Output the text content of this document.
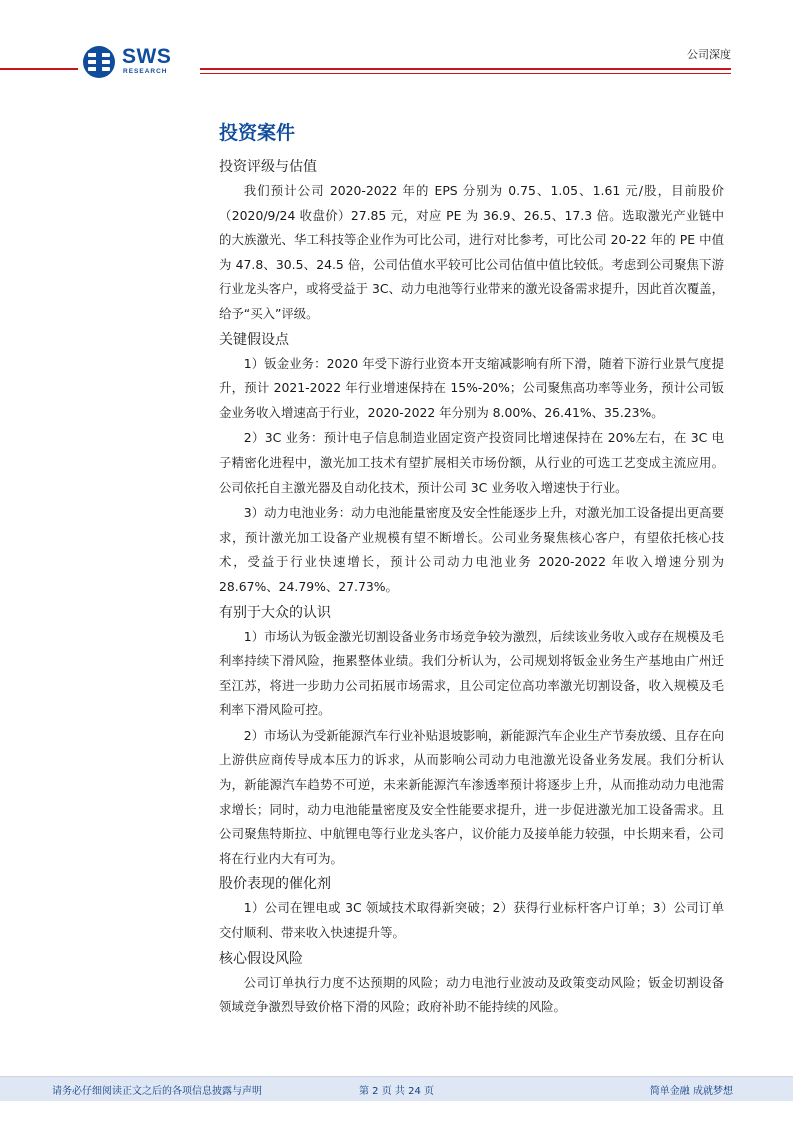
SWS
RESEARCH
公司深度
投资案件
投资评级与估值

我们预计公司 2020-2022 年的 EPS 分别为 0.75、1.05、1.61 元/股，目前股价（2020/9/24 收盘价）27.85 元，对应 PE 为 36.9、26.5、17.3 倍。选取激光产业链中的大族激光、华工科技等企业作为可比公司，进行对比参考，可比公司 20-22 年的 PE 中值为 47.8、30.5、24.5 倍，公司估值水平较可比公司估值中值比较低。考虑到公司聚焦下游行业龙头客户，或将受益于 3C、动力电池等行业带来的激光设备需求提升，因此首次覆盖，给予“买入”评级。

关键假设点

1）钣金业务：2020 年受下游行业资本开支缩减影响有所下滑，随着下游行业景气度提升，预计 2021-2022 年行业增速保持在 15%-20%；公司聚焦高功率等业务，预计公司钣金业务收入增速高于行业，2020-2022 年分别为 8.00%、26.41%、35.23%。

2）3C 业务：预计电子信息制造业固定资产投资同比增速保持在 20%左右，在 3C 电子精密化进程中，激光加工技术有望扩展相关市场份额，从行业的可选工艺变成主流应用。公司依托自主激光器及自动化技术，预计公司 3C 业务收入增速快于行业。

3）动力电池业务：动力电池能量密度及安全性能逐步上升，对激光加工设备提出更高要求，预计激光加工设备产业规模有望不断增长。公司业务聚焦核心客户，有望依托核心技术，受益于行业快速增长，预计公司动力电池业务 2020-2022 年收入增速分别为 28.67%、24.79%、27.73%。

有别于大众的认识

1）市场认为钣金激光切割设备业务市场竞争较为激烈，后续该业务收入或存在规模及毛利率持续下滑风险，拖累整体业绩。我们分析认为，公司规划将钣金业务生产基地由广州迁至江苏，将进一步助力公司拓展市场需求，且公司定位高功率激光切割设备，收入规模及毛利率下滑风险可控。

2）市场认为受新能源汽车行业补贴退坡影响，新能源汽车企业生产节奏放缓、且存在向上游供应商传导成本压力的诉求，从而影响公司动力电池激光设备业务发展。我们分析认为，新能源汽车趋势不可逆，未来新能源汽车渗透率预计将逐步上升，从而推动动力电池需求增长；同时，动力电池能量密度及安全性能要求提升，进一步促进激光加工设备需求。且公司聚焦特斯拉、中航锂电等行业龙头客户，议价能力及接单能力较强，中长期来看，公司将在行业内大有可为。

股价表现的催化剂

1）公司在锂电或 3C 领域技术取得新突破；2）获得行业标杆客户订单；3）公司订单交付顺利、带来收入快速提升等。

核心假设风险

公司订单执行力度不达预期的风险；动力电池行业波动及政策变动风险；钣金切割设备领域竞争激烈导致价格下滑的风险；政府补助不能持续的风险。

请务必仔细阅读正文之后的各项信息披露与声明	第 2 页 共 24 页	简单金融 成就梦想
